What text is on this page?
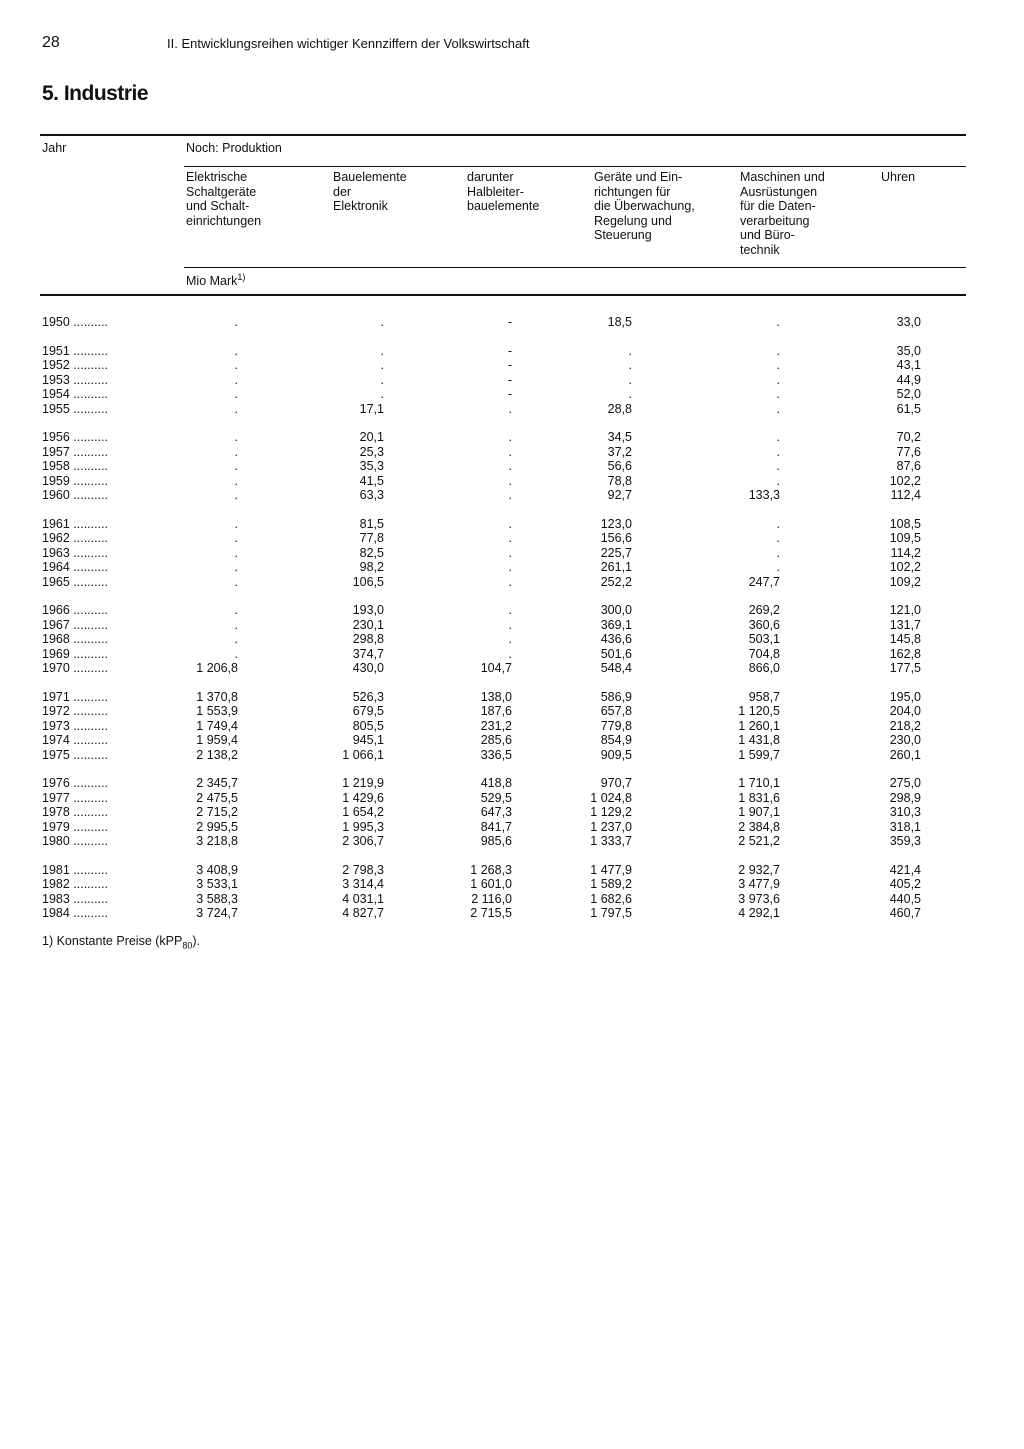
28	II. Entwicklungsreihen wichtiger Kennziffern der Volkswirtschaft
5. Industrie
Jahr	Noch: Produktion
Elektrische
Schaltgeräte
und Schalt-
einrichtungen
Bauelemente
der
Elektronik
darunter
Halbleiter-
bauelemente
Geräte und Ein-
richtungen für
die Überwachung,
Regelung und
Steuerung
Maschinen und
Ausrüstungen
für die Daten-
verarbeitung
und Büro-
technik
Uhren
Mio Mark$^{1)}$
1950 ..........
1951 ..........
1952 ..........
1953 ..........
1954 ..........
1955 ..........
1956 ..........
1957 ..........
1958 ..........
1959 ..........
1960 ..........
1961 ..........
1962 ..........
1963 ..........
1964 ..........
1965 ..........
1966 ..........
1967 ..........
1968 ..........
1969 ..........
1970 ..........
1971 ..........
1972 ..........
1973 ..........
1974 ..........
1975 ..........
1976 ..........
1977 ..........
1978 ..........
1979 ..........
1980 ..........
1981 ..........
1982 ..........
1983 ..........
1984 ..........
.
.
.
.
.
.
.
.
.
.
.
.
.
.
.
.
.
.
.
.
1 206,8
1 370,8
1 553,9
1 749,4
1 959,4
2 138,2
2 345,7
2 475,5
2 715,2
2 995,5
3 218,8
3 408,9
3 533,1
3 588,3
3 724,7
.
.
.
.
.
17,1
20,1
25,3
35,3
41,5
63,3
81,5
77,8
82,5
98,2
106,5
193,0
230,1
298,8
374,7
430,0
526,3
679,5
805,5
945,1
1 066,1
1 219,9
1 429,6
1 654,2
1 995,3
2 306,7
2 798,3
3 314,4
4 031,1
4 827,7
-
-
-
-
-
.
.
.
.
.
.
.
.
.
.
.
.
.
.
.
104,7
138,0
187,6
231,2
285,6
336,5
418,8
529,5
647,3
841,7
985,6
1 268,3
1 601,0
2 116,0
2 715,5
18,5
.
.
.
.
28,8
34,5
37,2
56,6
78,8
92,7
123,0
156,6
225,7
261,1
252,2
300,0
369,1
436,6
501,6
548,4
586,9
657,8
779,8
854,9
909,5
970,7
1 024,8
1 129,2
1 237,0
1 333,7
1 477,9
1 589,2
1 682,6
1 797,5
.
.
.
.
.
.
.
.
.
.
133,3
.
.
.
.
247,7
269,2
360,6
503,1
704,8
866,0
958,7
1 120,5
1 260,1
1 431,8
1 599,7
1 710,1
1 831,6
1 907,1
2 384,8
2 521,2
2 932,7
3 477,9
3 973,6
4 292,1
33,0
35,0
43,1
44,9
52,0
61,5
70,2
77,6
87,6
102,2
112,4
108,5
109,5
114,2
102,2
109,2
121,0
131,7
145,8
162,8
177,5
195,0
204,0
218,2
230,0
260,1
275,0
298,9
310,3
318,1
359,3
421,4
405,2
440,5
460,7
1) Konstante Preise (kPP$_{80}$).
